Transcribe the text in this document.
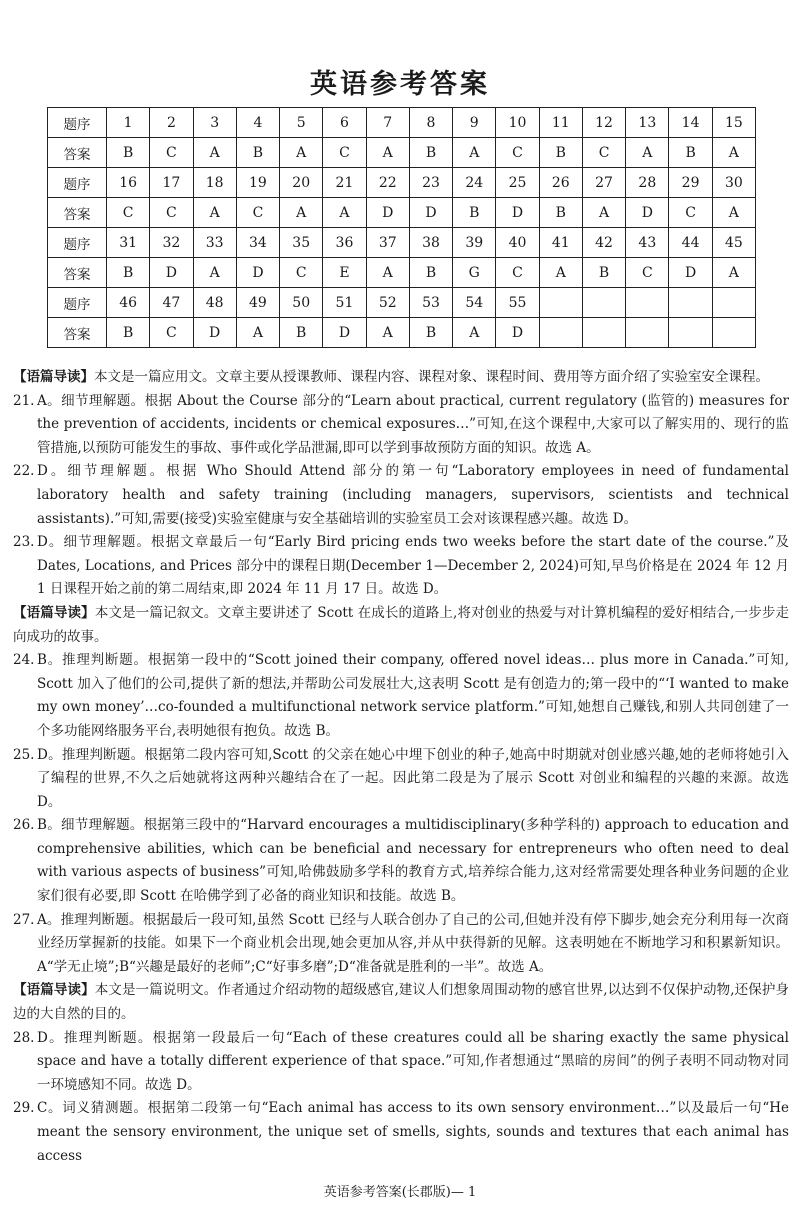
英语参考答案
题序	1	2	3	4	5	6	7	8	9	10	11	12	13	14	15
答案	B	C	A	B	A	C	A	B	A	C	B	C	A	B	A
题序	16	17	18	19	20	21	22	23	24	25	26	27	28	29	30
答案	C	C	A	C	A	A	D	D	B	D	B	A	D	C	A
题序	31	32	33	34	35	36	37	38	39	40	41	42	43	44	45
答案	B	D	A	D	C	E	A	B	G	C	A	B	C	D	A
题序	46	47	48	49	50	51	52	53	54	55					
答案	B	C	D	A	B	D	A	B	A	D					

【语篇导读】本文是一篇应用文。文章主要从授课教师、课程内容、课程对象、课程时间、费用等方面介绍了实验室安全课程。

21. A。细节理解题。根据 About the Course 部分的“Learn about practical, current regulatory (监管的) measures for the prevention of accidents, incidents or chemical exposures…”可知,在这个课程中,大家可以了解实用的、现行的监管措施,以预防可能发生的事故、事件或化学品泄漏,即可以学到事故预防方面的知识。故选 A。

22. D。细节理解题。根据 Who Should Attend 部分的第一句“Laboratory employees in need of fundamental laboratory health and safety training (including managers, supervisors, scientists and technical assistants).”可知,需要(接受)实验室健康与安全基础培训的实验室员工会对该课程感兴趣。故选 D。

23. D。细节理解题。根据文章最后一句“Early Bird pricing ends two weeks before the start date of the course.”及 Dates, Locations, and Prices 部分中的课程日期(December 1—December 2, 2024)可知,早鸟价格是在 2024 年 12 月 1 日课程开始之前的第二周结束,即 2024 年 11 月 17 日。故选 D。

【语篇导读】本文是一篇记叙文。文章主要讲述了 Scott 在成长的道路上,将对创业的热爱与对计算机编程的爱好相结合,一步步走向成功的故事。

24. B。推理判断题。根据第一段中的“Scott joined their company, offered novel ideas… plus more in Canada.”可知, Scott 加入了他们的公司,提供了新的想法,并帮助公司发展壮大,这表明 Scott 是有创造力的;第一段中的“‘I wanted to make my own money’…co-founded a multifunctional network service platform.”可知,她想自己赚钱,和别人共同创建了一个多功能网络服务平台,表明她很有抱负。故选 B。

25. D。推理判断题。根据第二段内容可知,Scott 的父亲在她心中埋下创业的种子,她高中时期就对创业感兴趣,她的老师将她引入了编程的世界,不久之后她就将这两种兴趣结合在了一起。因此第二段是为了展示 Scott 对创业和编程的兴趣的来源。故选 D。

26. B。细节理解题。根据第三段中的“Harvard encourages a multidisciplinary(多种学科的) approach to education and comprehensive abilities, which can be beneficial and necessary for entrepreneurs who often need to deal with various aspects of business”可知,哈佛鼓励多学科的教育方式,培养综合能力,这对经常需要处理各种业务问题的企业家们很有必要,即 Scott 在哈佛学到了必备的商业知识和技能。故选 B。

27. A。推理判断题。根据最后一段可知,虽然 Scott 已经与人联合创办了自己的公司,但她并没有停下脚步,她会充分利用每一次商业经历掌握新的技能。如果下一个商业机会出现,她会更加从容,并从中获得新的见解。这表明她在不断地学习和积累新知识。A“学无止境”;B“兴趣是最好的老师”;C“好事多磨”;D“准备就是胜利的一半”。故选 A。

【语篇导读】本文是一篇说明文。作者通过介绍动物的超级感官,建议人们想象周围动物的感官世界,以达到不仅保护动物,还保护身边的大自然的目的。

28. D。推理判断题。根据第一段最后一句“Each of these creatures could all be sharing exactly the same physical space and have a totally different experience of that space.”可知,作者想通过“黑暗的房间”的例子表明不同动物对同一环境感知不同。故选 D。

29. C。词义猜测题。根据第二段第一句“Each animal has access to its own sensory environment…”以及最后一句“He meant the sensory environment, the unique set of smells, sights, sounds and textures that each animal has access

英语参考答案(长郡版)— 1
